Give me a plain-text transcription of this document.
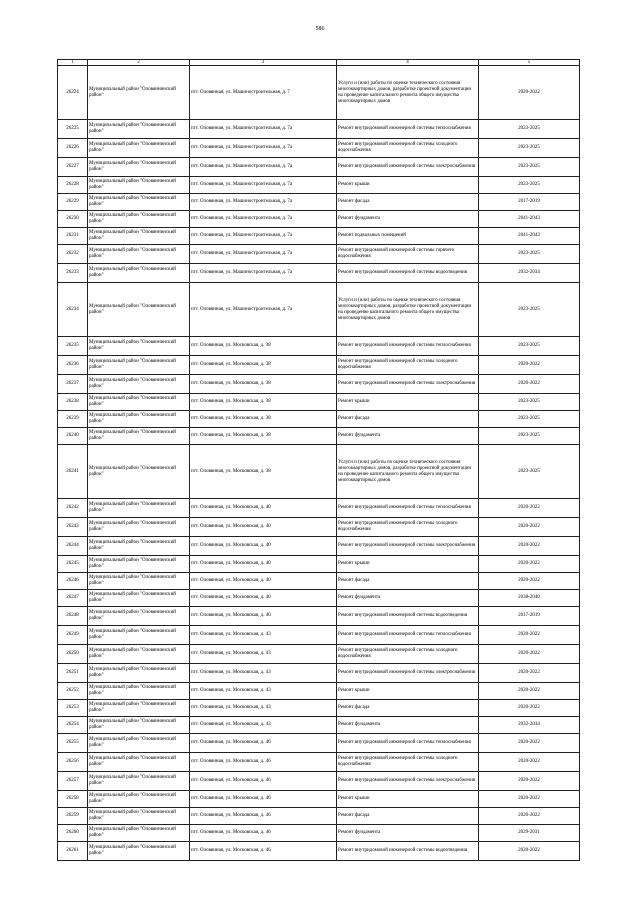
586
1	2	3	4	5
26224	Муниципальный район "Оловяннинский район"	пгт. Оловянная, ул. Машиностроительная, д. 7	Услуги и (или) работы по оценке технического состояния многоквартирных домов, разработке проектной документации на проведение капитального ремонта общего имущества многоквартирных домов	2020-2022
26225	Муниципальный район "Оловяннинский район"	пгт. Оловянная, ул. Машиностроительная, д. 7а	Ремонт внутридомовой инженерной системы теплоснабжения	2023-2025
26226	Муниципальный район "Оловяннинский район"	пгт. Оловянная, ул. Машиностроительная, д. 7а	Ремонт внутридомовой инженерной системы холодного водоснабжения	2023-2025
26227	Муниципальный район "Оловяннинский район"	пгт. Оловянная, ул. Машиностроительная, д. 7а	Ремонт внутридомовой инженерной системы электроснабжения	2023-2025
26228	Муниципальный район "Оловяннинский район"	пгт. Оловянная, ул. Машиностроительная, д. 7а	Ремонт крыши	2023-2025
26229	Муниципальный район "Оловяннинский район"	пгт. Оловянная, ул. Машиностроительная, д. 7а	Ремонт фасада	2017-2019
26230	Муниципальный район "Оловяннинский район"	пгт. Оловянная, ул. Машиностроительная, д. 7а	Ремонт фундамента	2041-2043
26231	Муниципальный район "Оловяннинский район"	пгт. Оловянная, ул. Машиностроительная, д. 7а	Ремонт подвальных помещений	2041-2043
26232	Муниципальный район "Оловяннинский район"	пгт. Оловянная, ул. Машиностроительная, д. 7а	Ремонт внутридомовой инженерной системы горячего водоснабжения	2023-2025
26233	Муниципальный район "Оловяннинский район"	пгт. Оловянная, ул. Машиностроительная, д. 7а	Ремонт внутридомовой инженерной системы водоотведения	2032-2034
26234	Муниципальный район "Оловяннинский район"	пгт. Оловянная, ул. Машиностроительная, д. 7а	Услуги и (или) работы по оценке технического состояния многоквартирных домов, разработке проектной документации на проведение капитального ремонта общего имущества многоквартирных домов	2023-2025
26235	Муниципальный район "Оловяннинский район"	пгт. Оловянная, ул. Московская, д. 38	Ремонт внутридомовой инженерной системы теплоснабжения	2023-2025
26236	Муниципальный район "Оловяннинский район"	пгт. Оловянная, ул. Московская, д. 38	Ремонт внутридомовой инженерной системы холодного водоснабжения	2020-2022
26237	Муниципальный район "Оловяннинский район"	пгт. Оловянная, ул. Московская, д. 38	Ремонт внутридомовой инженерной системы электроснабжения	2020-2022
26238	Муниципальный район "Оловяннинский район"	пгт. Оловянная, ул. Московская, д. 38	Ремонт крыши	2023-2025
26239	Муниципальный район "Оловяннинский район"	пгт. Оловянная, ул. Московская, д. 38	Ремонт фасада	2023-2025
26240	Муниципальный район "Оловяннинский район"	пгт. Оловянная, ул. Московская, д. 38	Ремонт фундамента	2023-2025
26241	Муниципальный район "Оловяннинский район"	пгт. Оловянная, ул. Московская, д. 38	Услуги и (или) работы по оценке технического состояния многоквартирных домов, разработке проектной документации на проведение капитального ремонта общего имущества многоквартирных домов	2023-2025
26242	Муниципальный район "Оловяннинский район"	пгт. Оловянная, ул. Московская, д. 40	Ремонт внутридомовой инженерной системы теплоснабжения	2020-2022
26243	Муниципальный район "Оловяннинский район"	пгт. Оловянная, ул. Московская, д. 40	Ремонт внутридомовой инженерной системы холодного водоснабжения	2020-2022
26244	Муниципальный район "Оловяннинский район"	пгт. Оловянная, ул. Московская, д. 40	Ремонт внутридомовой инженерной системы электроснабжения	2020-2022
26245	Муниципальный район "Оловяннинский район"	пгт. Оловянная, ул. Московская, д. 40	Ремонт крыши	2020-2022
26246	Муниципальный район "Оловяннинский район"	пгт. Оловянная, ул. Московская, д. 40	Ремонт фасада	2020-2022
26247	Муниципальный район "Оловяннинский район"	пгт. Оловянная, ул. Московская, д. 40	Ремонт фундамента	2038-2040
26248	Муниципальный район "Оловяннинский район"	пгт. Оловянная, ул. Московская, д. 40	Ремонт внутридомовой инженерной системы водоотведения	2017-2019
26249	Муниципальный район "Оловяннинский район"	пгт. Оловянная, ул. Московская, д. 43	Ремонт внутридомовой инженерной системы теплоснабжения	2020-2022
26250	Муниципальный район "Оловяннинский район"	пгт. Оловянная, ул. Московская, д. 43	Ремонт внутридомовой инженерной системы холодного водоснабжения	2020-2022
26251	Муниципальный район "Оловяннинский район"	пгт. Оловянная, ул. Московская, д. 43	Ремонт внутридомовой инженерной системы электроснабжения	2020-2022
26252	Муниципальный район "Оловяннинский район"	пгт. Оловянная, ул. Московская, д. 43	Ремонт крыши	2020-2022
26253	Муниципальный район "Оловяннинский район"	пгт. Оловянная, ул. Московская, д. 43	Ремонт фасада	2020-2022
26254	Муниципальный район "Оловяннинский район"	пгт. Оловянная, ул. Московская, д. 43	Ремонт фундамента	2032-2034
26255	Муниципальный район "Оловяннинский район"	пгт. Оловянная, ул. Московская, д. 46	Ремонт внутридомовой инженерной системы теплоснабжения	2020-2022
26256	Муниципальный район "Оловяннинский район"	пгт. Оловянная, ул. Московская, д. 46	Ремонт внутридомовой инженерной системы холодного водоснабжения	2020-2022
26257	Муниципальный район "Оловяннинский район"	пгт. Оловянная, ул. Московская, д. 46	Ремонт внутридомовой инженерной системы электроснабжения	2020-2022
26258	Муниципальный район "Оловяннинский район"	пгт. Оловянная, ул. Московская, д. 46	Ремонт крыши	2020-2022
26259	Муниципальный район "Оловяннинский район"	пгт. Оловянная, ул. Московская, д. 46	Ремонт фасада	2020-2022
26260	Муниципальный район "Оловяннинский район"	пгт. Оловянная, ул. Московская, д. 46	Ремонт фундамента	2029-2031
26261	Муниципальный район "Оловяннинский район"	пгт. Оловянная, ул. Московская, д. 46	Ремонт внутридомовой инженерной системы водоотведения	2020-2022
